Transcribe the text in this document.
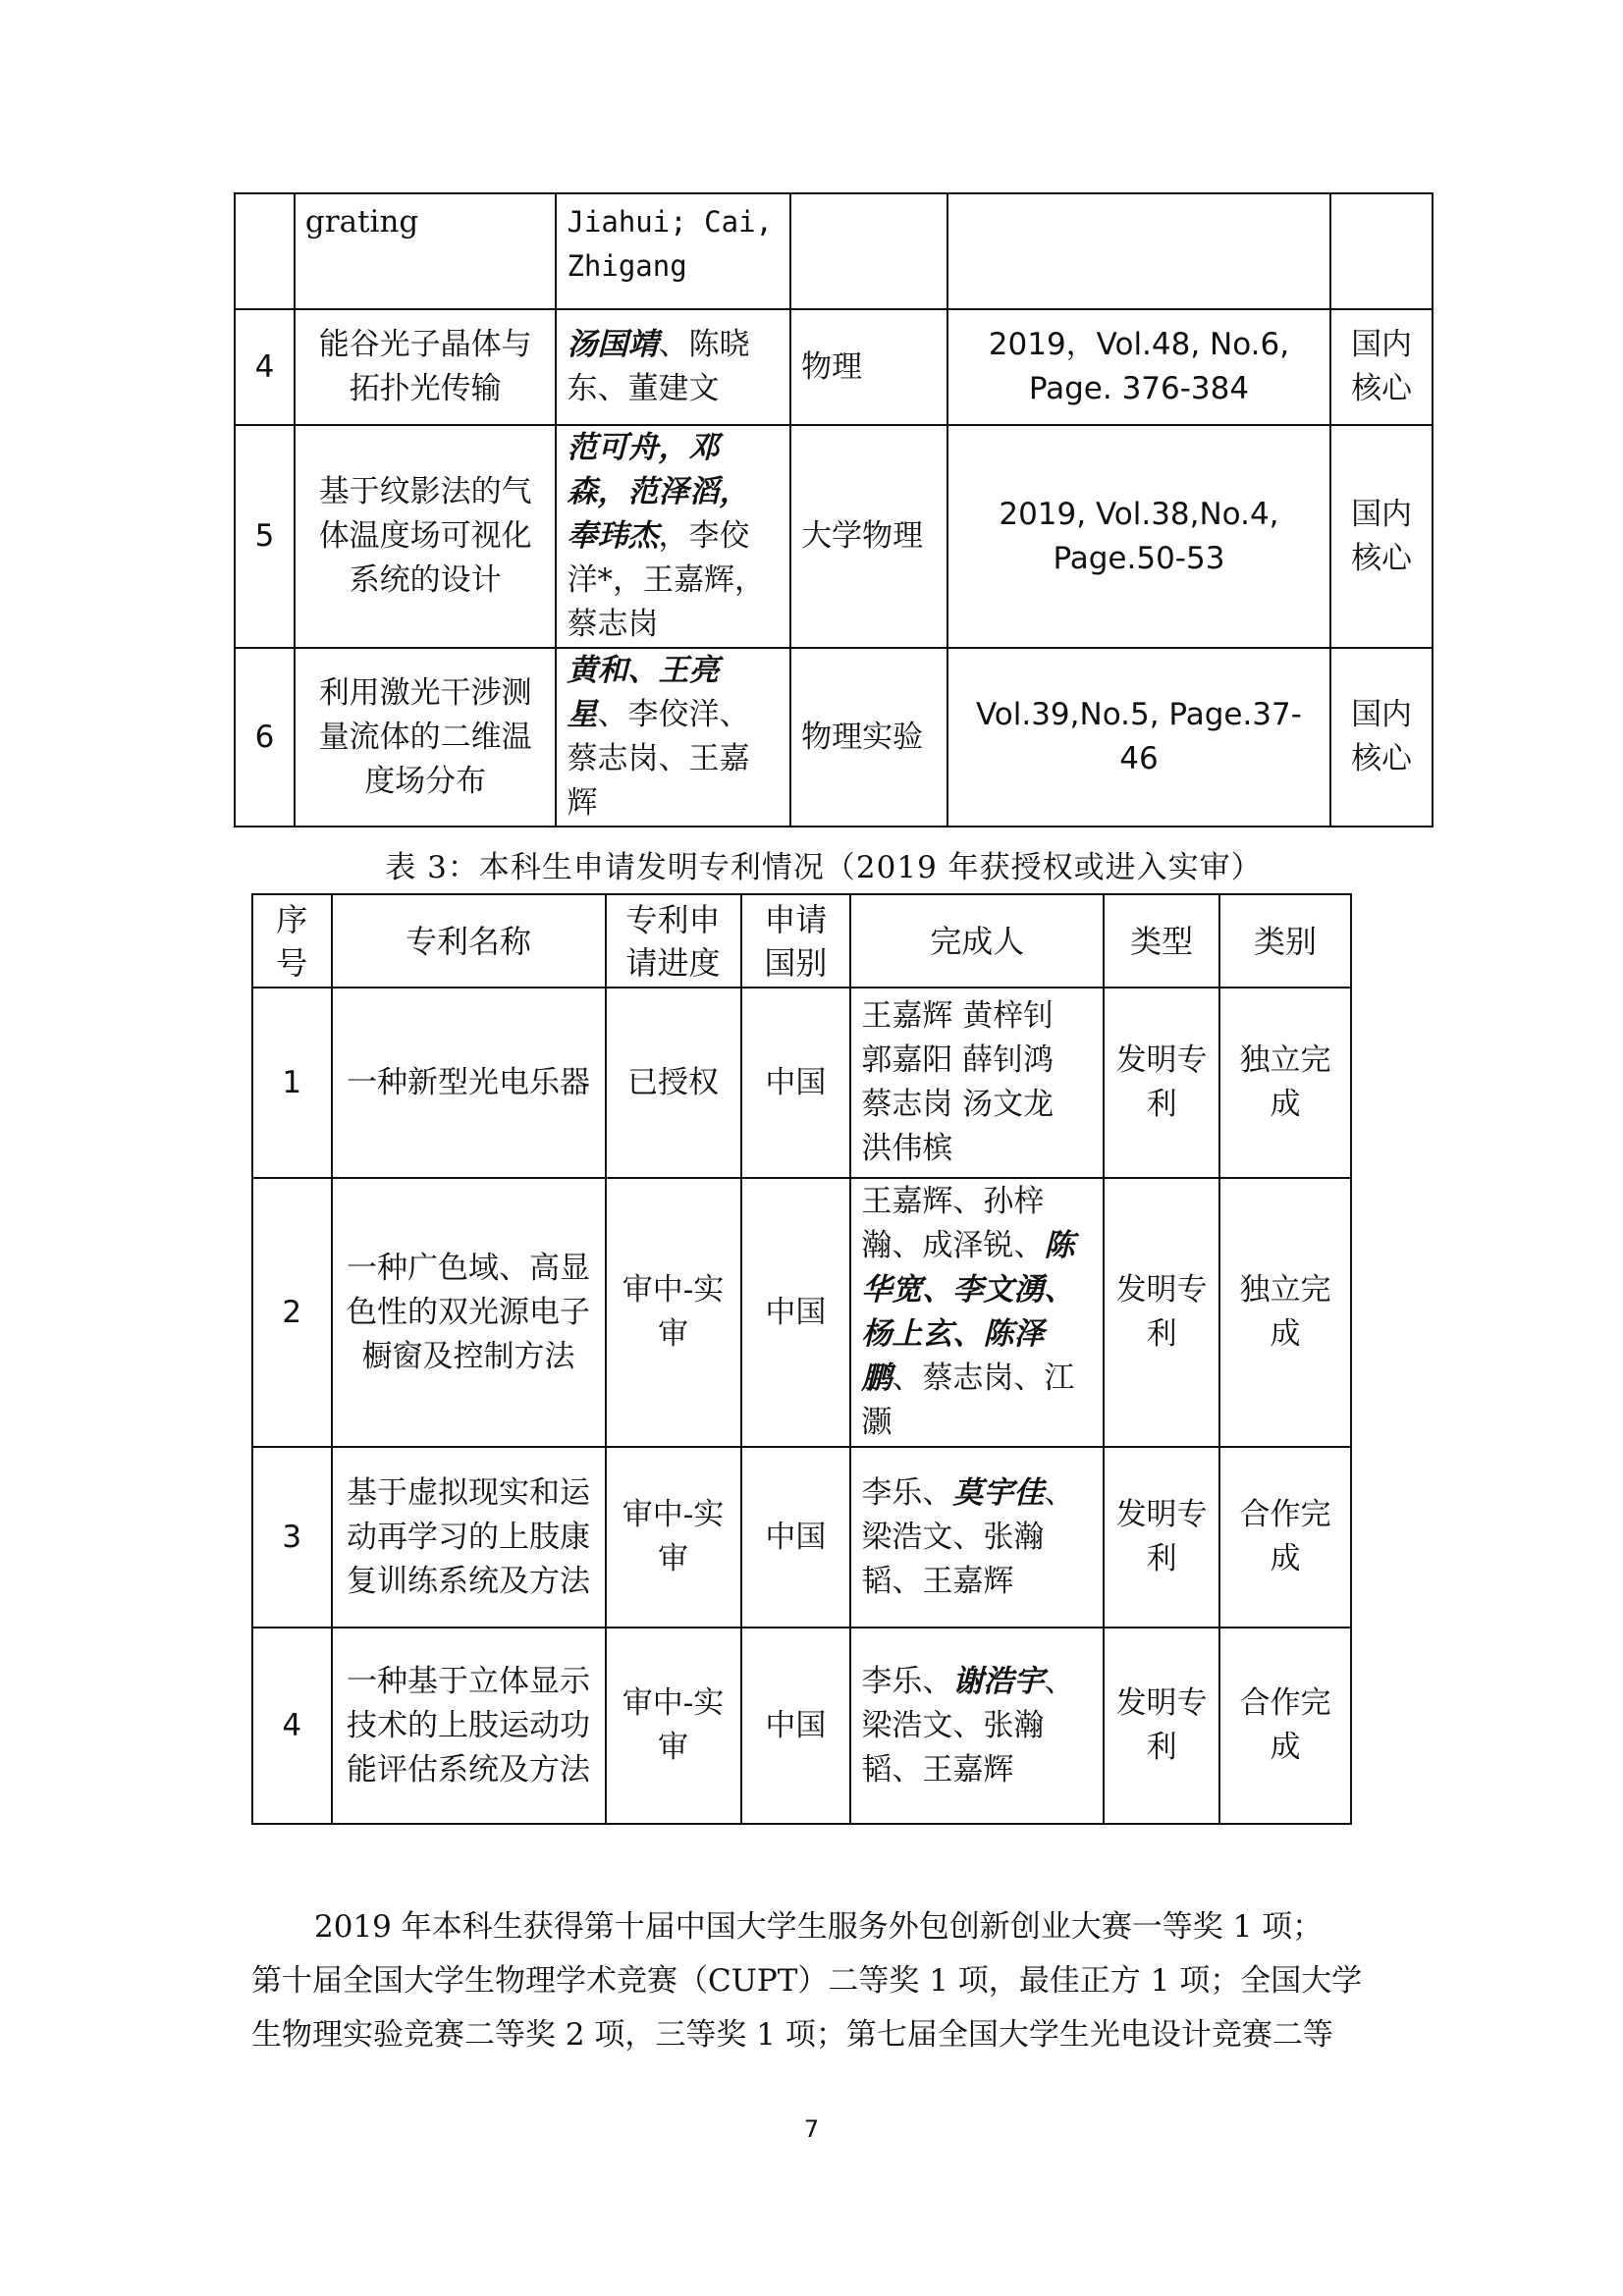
	grating	Jiahui; Cai, Zhigang			
4	能谷光子晶体与拓扑光传输	汤国靖、陈晓东、董建文	物理	2019，Vol.48, No.6, Page. 376-384	国内核心
5	基于纹影法的气体温度场可视化系统的设计	范可舟，邓森，范泽滔，奉玮杰，李佼洋*，王嘉辉，蔡志岗	大学物理	2019, Vol.38,No.4, Page.50-53	国内核心
6	利用激光干涉测量流体的二维温度场分布	黄和、王亮星、李佼洋、蔡志岗、王嘉辉	物理实验	Vol.39,No.5, Page.37-46	国内核心
表 3：本科生申请发明专利情况（2019 年获授权或进入实审）
序号	专利名称	专利申请进度	申请国别	完成人	类型	类别
1	一种新型光电乐器	已授权	中国	王嘉辉 黄梓钊 郭嘉阳 薛钊鸿 蔡志岗 汤文龙 洪伟槟	发明专利	独立完成
2	一种广色域、高显色性的双光源电子橱窗及控制方法	审中-实审	中国	王嘉辉、孙梓瀚、成泽锐、陈华宽、李文湧、杨上玄、陈泽鹏、蔡志岗、江灏	发明专利	独立完成
3	基于虚拟现实和运动再学习的上肢康复训练系统及方法	审中-实审	中国	李乐、莫宇佳、梁浩文、张瀚韬、王嘉辉	发明专利	合作完成
4	一种基于立体显示技术的上肢运动功能评估系统及方法	审中-实审	中国	李乐、谢浩宇、梁浩文、张瀚韬、王嘉辉	发明专利	合作完成
2019 年本科生获得第十届中国大学生服务外包创新创业大赛一等奖 1 项；
第十届全国大学生物理学术竞赛（CUPT）二等奖 1 项，最佳正方 1 项；全国大学
生物理实验竞赛二等奖 2 项，三等奖 1 项；第七届全国大学生光电设计竞赛二等
7
